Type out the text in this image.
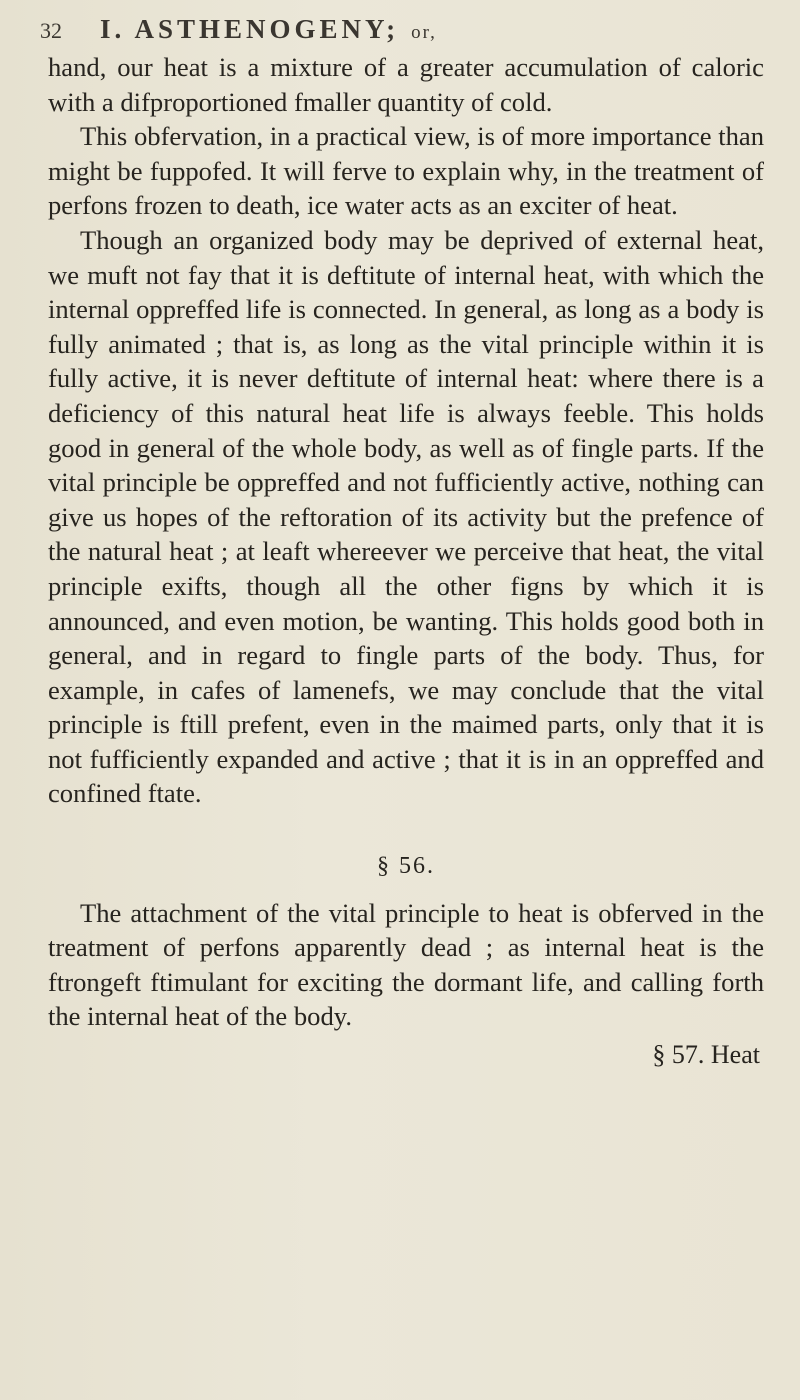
32	I. ASTHENOGENY; or,

hand, our heat is a mixture of a greater accumulation of caloric with a difproportioned fmaller quantity of cold.

This obfervation, in a practical view, is of more importance than might be fuppofed. It will ferve to explain why, in the treatment of perfons frozen to death, ice water acts as an exciter of heat.

Though an organized body may be deprived of external heat, we muft not fay that it is deftitute of internal heat, with which the internal oppreffed life is connected. In general, as long as a body is fully animated ; that is, as long as the vital principle within it is fully active, it is never deftitute of internal heat: where there is a deficiency of this natural heat life is always feeble. This holds good in general of the whole body, as well as of fingle parts. If the vital principle be oppreffed and not fufficiently active, nothing can give us hopes of the reftoration of its activity but the prefence of the natural heat ; at leaft whereever we perceive that heat, the vital principle exifts, though all the other figns by which it is announced, and even motion, be wanting. This holds good both in general, and in regard to fingle parts of the body. Thus, for example, in cafes of lamenefs, we may conclude that the vital principle is ftill prefent, even in the maimed parts, only that it is not fufficiently expanded and active ; that it is in an oppreffed and confined ftate.

§ 56.

The attachment of the vital principle to heat is obferved in the treatment of perfons apparently dead ; as internal heat is the ftrongeft ftimulant for exciting the dormant life, and calling forth the internal heat of the body.

§ 57. Heat
